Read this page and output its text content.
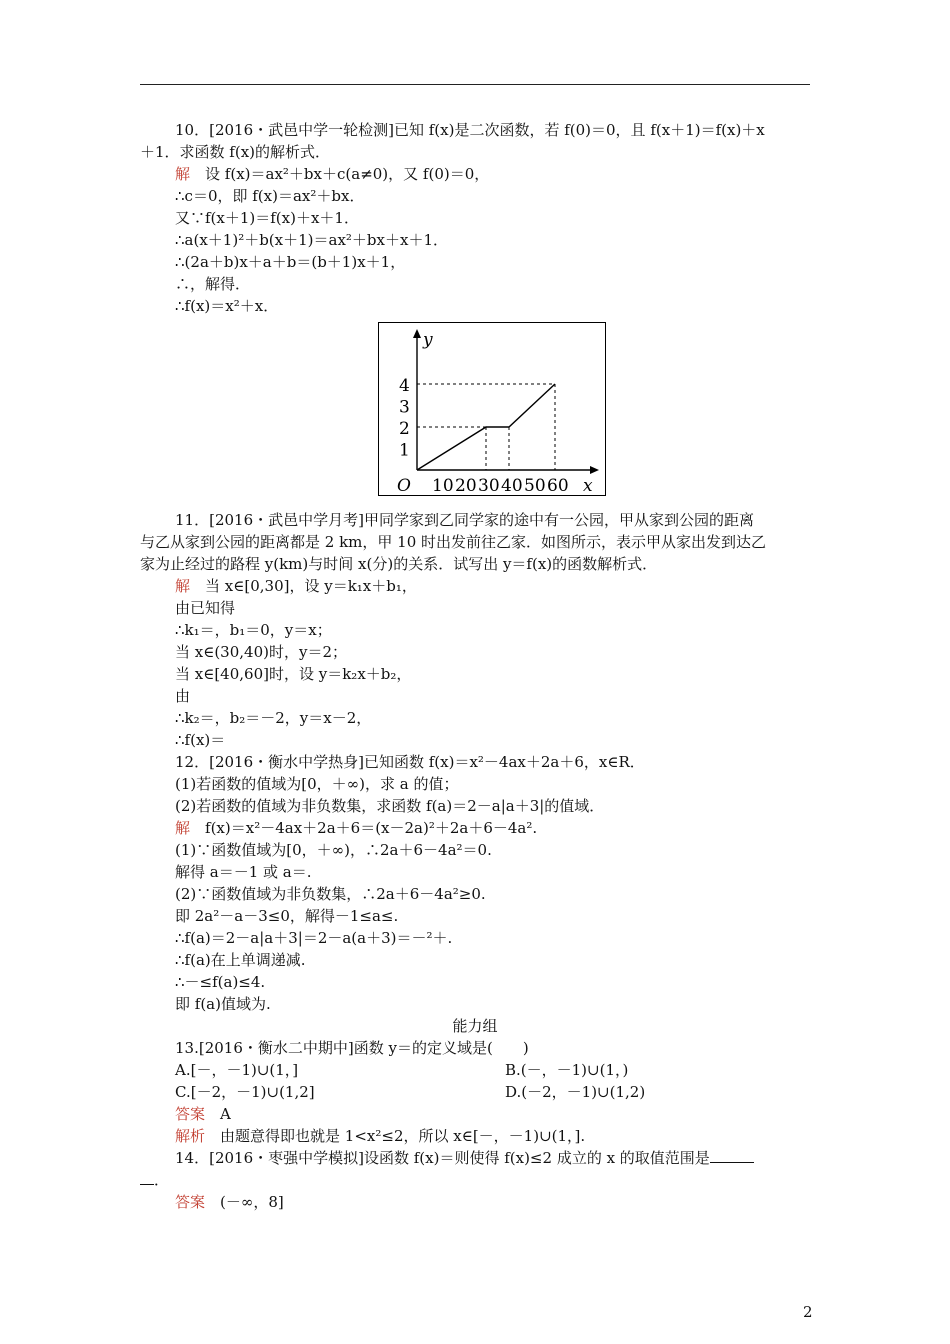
10．[2016・武邑中学一轮检测]已知 f(x)是二次函数，若 f(0)＝0，且 f(x＋1)＝f(x)＋x
＋1．求函数 f(x)的解析式．
解　 设 f(x)＝ax²＋bx＋c(a≠0)，又 f(0)＝0，
∴c＝0，即 f(x)＝ax²＋bx．
又∵f(x＋1)＝f(x)＋x＋1．
∴a(x＋1)²＋b(x＋1)＝ax²＋bx＋x＋1．
∴(2a＋b)x＋a＋b＝(b＋1)x＋1，
∴，解得．
∴f(x)＝x²＋x．
y
x
O
1
2
3
4
10 20 30 40 50 60
11．[2016・武邑中学月考]甲同学家到乙同学家的途中有一公园，甲从家到公园的距离
与乙从家到公园的距离都是 2 km，甲 10 时出发前往乙家．如图所示，表示甲从家出发到达乙
家为止经过的路程 y(km)与时间 x(分)的关系．试写出 y＝f(x)的函数解析式．
解　 当 x∈[0,30]，设 y＝k₁x＋b₁，
由已知得
∴k₁＝，b₁＝0，y＝x；
当 x∈(30,40)时，y＝2；
当 x∈[40,60]时，设 y＝k₂x＋b₂，
由
∴k₂＝，b₂＝－2，y＝x－2，
∴f(x)＝
12．[2016・衡水中学热身]已知函数 f(x)＝x²－4ax＋2a＋6，x∈R．
(1)若函数的值域为[0，＋∞)，求 a 的值；
(2)若函数的值域为非负数集，求函数 f(a)＝2－a|a＋3|的值域．
解　 f(x)＝x²－4ax＋2a＋6＝(x－2a)²＋2a＋6－4a².
(1)∵函数值域为[0，＋∞)，∴2a＋6－4a²＝0.
解得 a＝－1 或 a＝.
(2)∵函数值域为非负数集，∴2a＋6－4a²≥0.
即 2a²－a－3≤0，解得－1≤a≤.
∴f(a)＝2－a|a＋3|＝2－a(a＋3)＝－²＋.
∴f(a)在上单调递减.
∴－≤f(a)≤4.
即 f(a)值域为.
能力组
13.[2016・衡水二中期中]函数 y＝的定义域是(　　)
A.[－，－1)∪(1，]	B.(－，－1)∪(1，)
C.[－2，－1)∪(1,2]	D.(－2，－1)∪(1,2)
答案　 A
解析　 由题意得即也就是 1<x²≤2，所以 x∈[－，－1)∪(1，].
14．[2016・枣强中学模拟]设函数 f(x)＝则使得 f(x)≤2 成立的 x 的取值范围是
．
答案　 (－∞，8]
2
